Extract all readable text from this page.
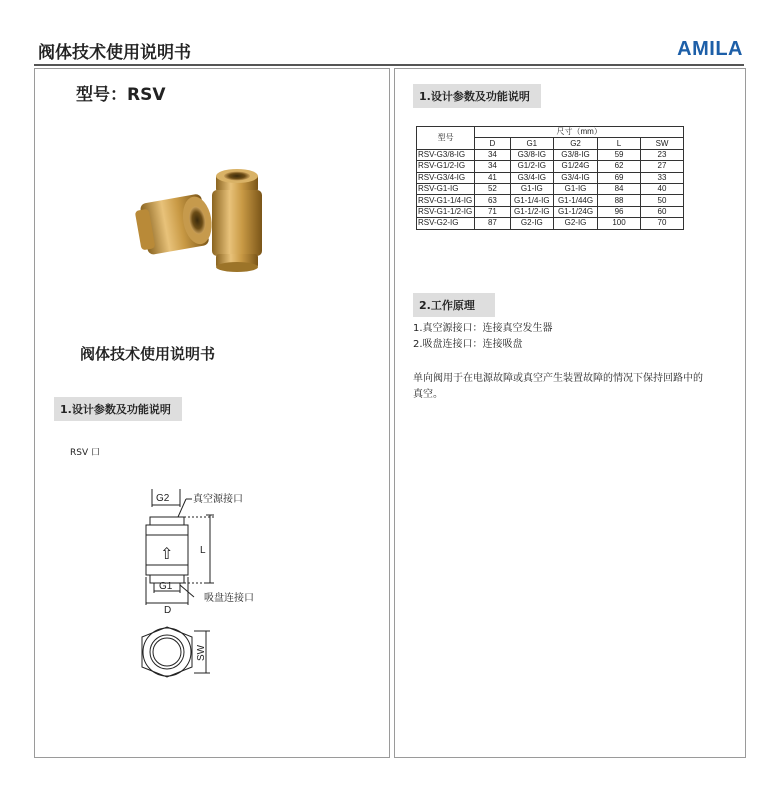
阀体技术使用说明书	AMILA
型号：RSV
阀体技术使用说明书
1.设计参数及功能说明
RSV 口
G2 真空源接口
⇧	L
G1
吸盘连接口
D
SW
1.设计参数及功能说明
型号	尺寸（mm）				
	D	G1	G2	L	SW
RSV-G3/8-IG	34	G3/8-IG	G3/8-IG	59	23
RSV-G1/2-IG	34	G1/2-IG	G1/24G	62	27
RSV-G3/4-IG	41	G3/4-IG	G3/4-IG	69	33
RSV-G1-IG	52	G1-IG	G1-IG	84	40
RSV-G1-1/4-IG	63	G1-1/4-IG	G1-1/44G	88	50
RSV-G1-1/2-IG	71	G1-1/2-IG	G1-1/24G	96	60
RSV-G2-IG	87	G2-IG	G2-IG	100	70
2.工作原理
1.真空源接口：连接真空发生器
2.吸盘连接口：连接吸盘
单向阀用于在电源故障或真空产生装置故障的情况下保持回路中的
真空。
